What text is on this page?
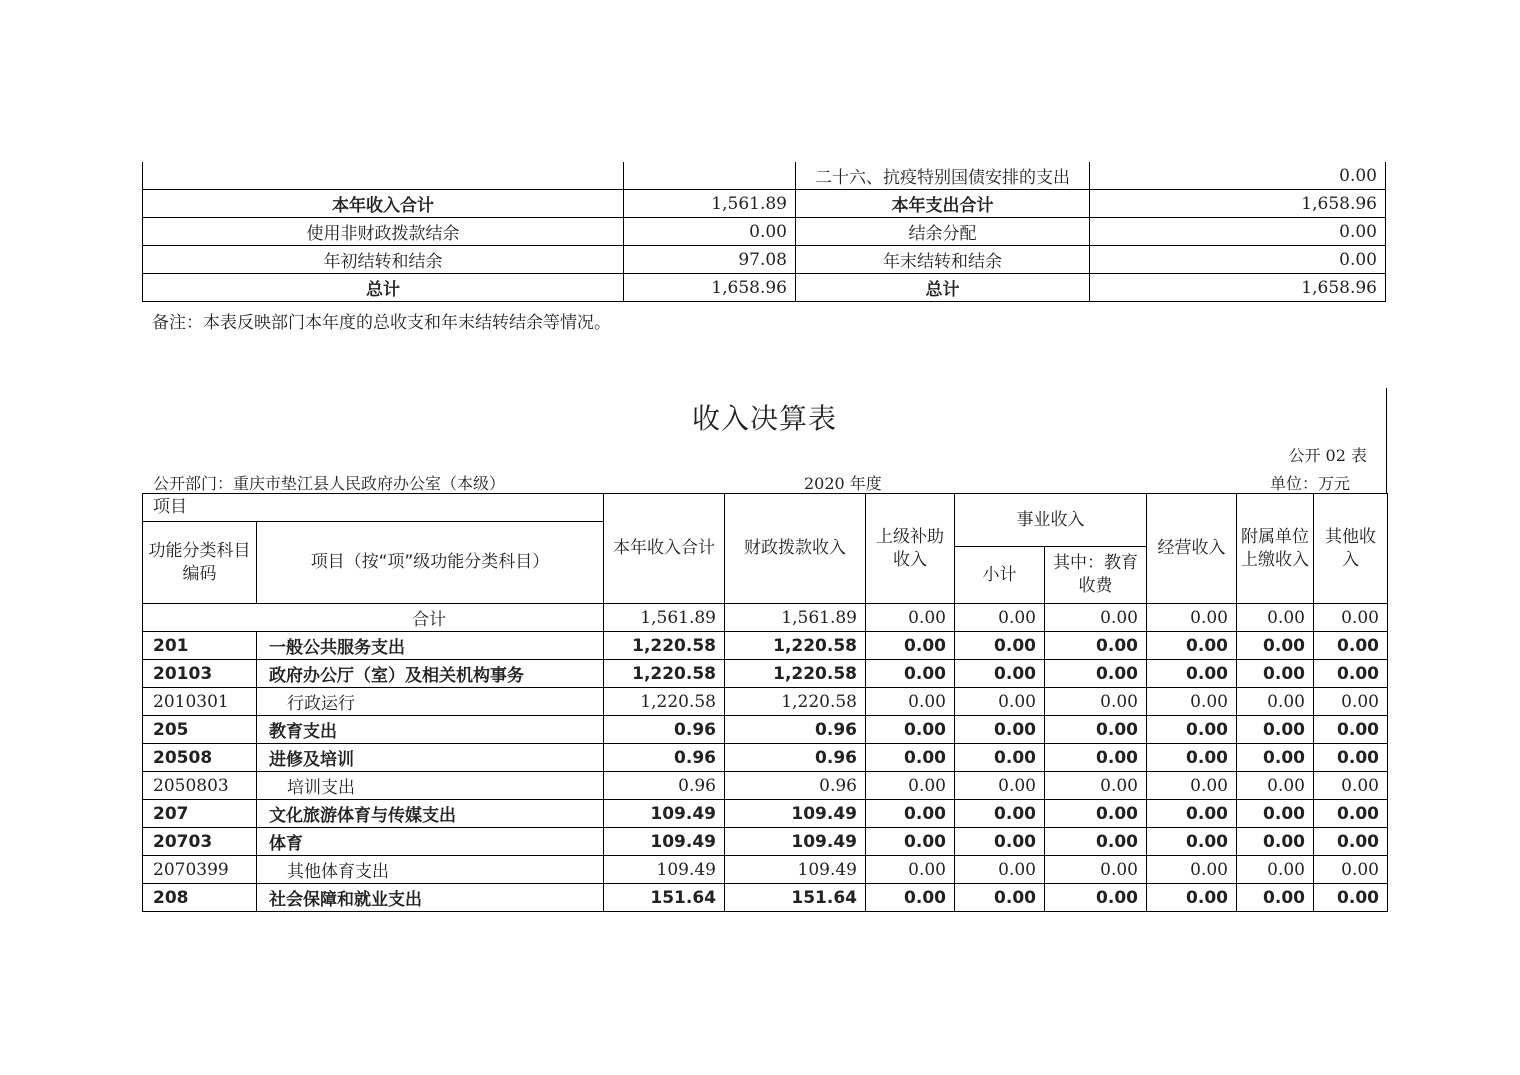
		二十六、抗疫特别国债安排的支出	0.00
本年收入合计	1,561.89	本年支出合计	1,658.96
使用非财政拨款结余	0.00	结余分配	0.00
年初结转和结余	97.08	年末结转和结余	0.00
总计	1,658.96	总计	1,658.96
备注：本表反映部门本年度的总收支和年末结转结余等情况。
收入决算表
公开 02 表
公开部门：重庆市垫江县人民政府办公室（本级）	2020 年度	单位：万元
项目		本年收入合计	财政拨款收入	上级补助收入	事业收入		经营收入	附属单位上缴收入	其他收入
功能分类科目编码	项目（按“项”级功能分类科目）								
					小计	其中：教育收费			
合计		1,561.89	1,561.89	0.00	0.00	0.00	0.00	0.00	0.00
201	一般公共服务支出	1,220.58	1,220.58	0.00	0.00	0.00	0.00	0.00	0.00
20103	政府办公厅（室）及相关机构事务	1,220.58	1,220.58	0.00	0.00	0.00	0.00	0.00	0.00
2010301	行政运行	1,220.58	1,220.58	0.00	0.00	0.00	0.00	0.00	0.00
205	教育支出	0.96	0.96	0.00	0.00	0.00	0.00	0.00	0.00
20508	进修及培训	0.96	0.96	0.00	0.00	0.00	0.00	0.00	0.00
2050803	培训支出	0.96	0.96	0.00	0.00	0.00	0.00	0.00	0.00
207	文化旅游体育与传媒支出	109.49	109.49	0.00	0.00	0.00	0.00	0.00	0.00
20703	体育	109.49	109.49	0.00	0.00	0.00	0.00	0.00	0.00
2070399	其他体育支出	109.49	109.49	0.00	0.00	0.00	0.00	0.00	0.00
208	社会保障和就业支出	151.64	151.64	0.00	0.00	0.00	0.00	0.00	0.00
